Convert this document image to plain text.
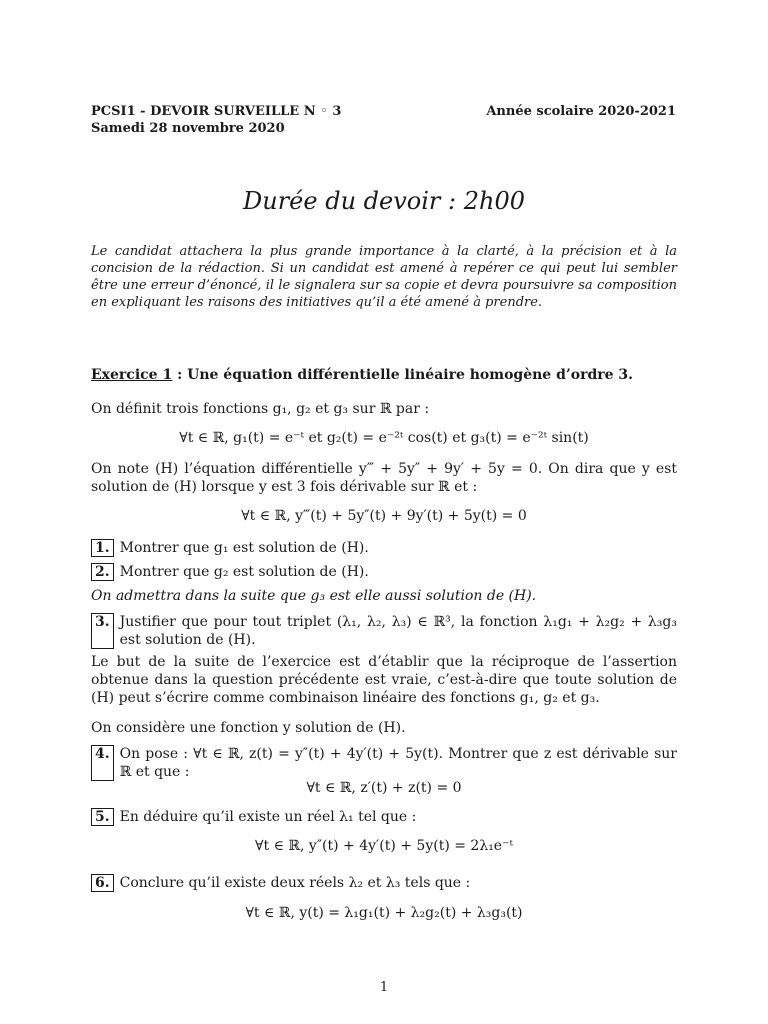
PCSI1 - DEVOIR SURVEILLE N ◦ 3	Année scolaire 2020-2021
Samedi 28 novembre 2020
Durée du devoir : 2h00
Le candidat attachera la plus grande importance à la clarté, à la précision et à la concision de la rédaction. Si un candidat est amené à repérer ce qui peut lui sembler être une erreur d’énoncé, il le signalera sur sa copie et devra poursuivre sa composition en expliquant les raisons des initiatives qu’il a été amené à prendre.
Exercice 1 : Une équation différentielle linéaire homogène d’ordre 3.
On définit trois fonctions g₁, g₂ et g₃ sur ℝ par :
∀t ∈ ℝ, g₁(t) = e⁻ᵗ et g₂(t) = e⁻²ᵗ cos(t) et g₃(t) = e⁻²ᵗ sin(t)
On note (H) l’équation différentielle y‴ + 5y″ + 9y′ + 5y = 0. On dira que y est solution de (H) lorsque y est 3 fois dérivable sur ℝ et :
∀t ∈ ℝ, y‴(t) + 5y″(t) + 9y′(t) + 5y(t) = 0
1. Montrer que g₁ est solution de (H).
2. Montrer que g₂ est solution de (H).
On admettra dans la suite que g₃ est elle aussi solution de (H).
3. Justifier que pour tout triplet (λ₁, λ₂, λ₃) ∈ ℝ³, la fonction λ₁g₁ + λ₂g₂ + λ₃g₃ est solution de (H).
Le but de la suite de l’exercice est d’établir que la réciproque de l’assertion obtenue dans la question précédente est vraie, c’est-à-dire que toute solution de (H) peut s’écrire comme combinaison linéaire des fonctions g₁, g₂ et g₃.
On considère une fonction y solution de (H).
4. On pose : ∀t ∈ ℝ, z(t) = y″(t) + 4y′(t) + 5y(t). Montrer que z est dérivable sur ℝ et que :
∀t ∈ ℝ, z′(t) + z(t) = 0
5. En déduire qu’il existe un réel λ₁ tel que :
∀t ∈ ℝ, y″(t) + 4y′(t) + 5y(t) = 2λ₁e⁻ᵗ
6. Conclure qu’il existe deux réels λ₂ et λ₃ tels que :
∀t ∈ ℝ, y(t) = λ₁g₁(t) + λ₂g₂(t) + λ₃g₃(t)
1
